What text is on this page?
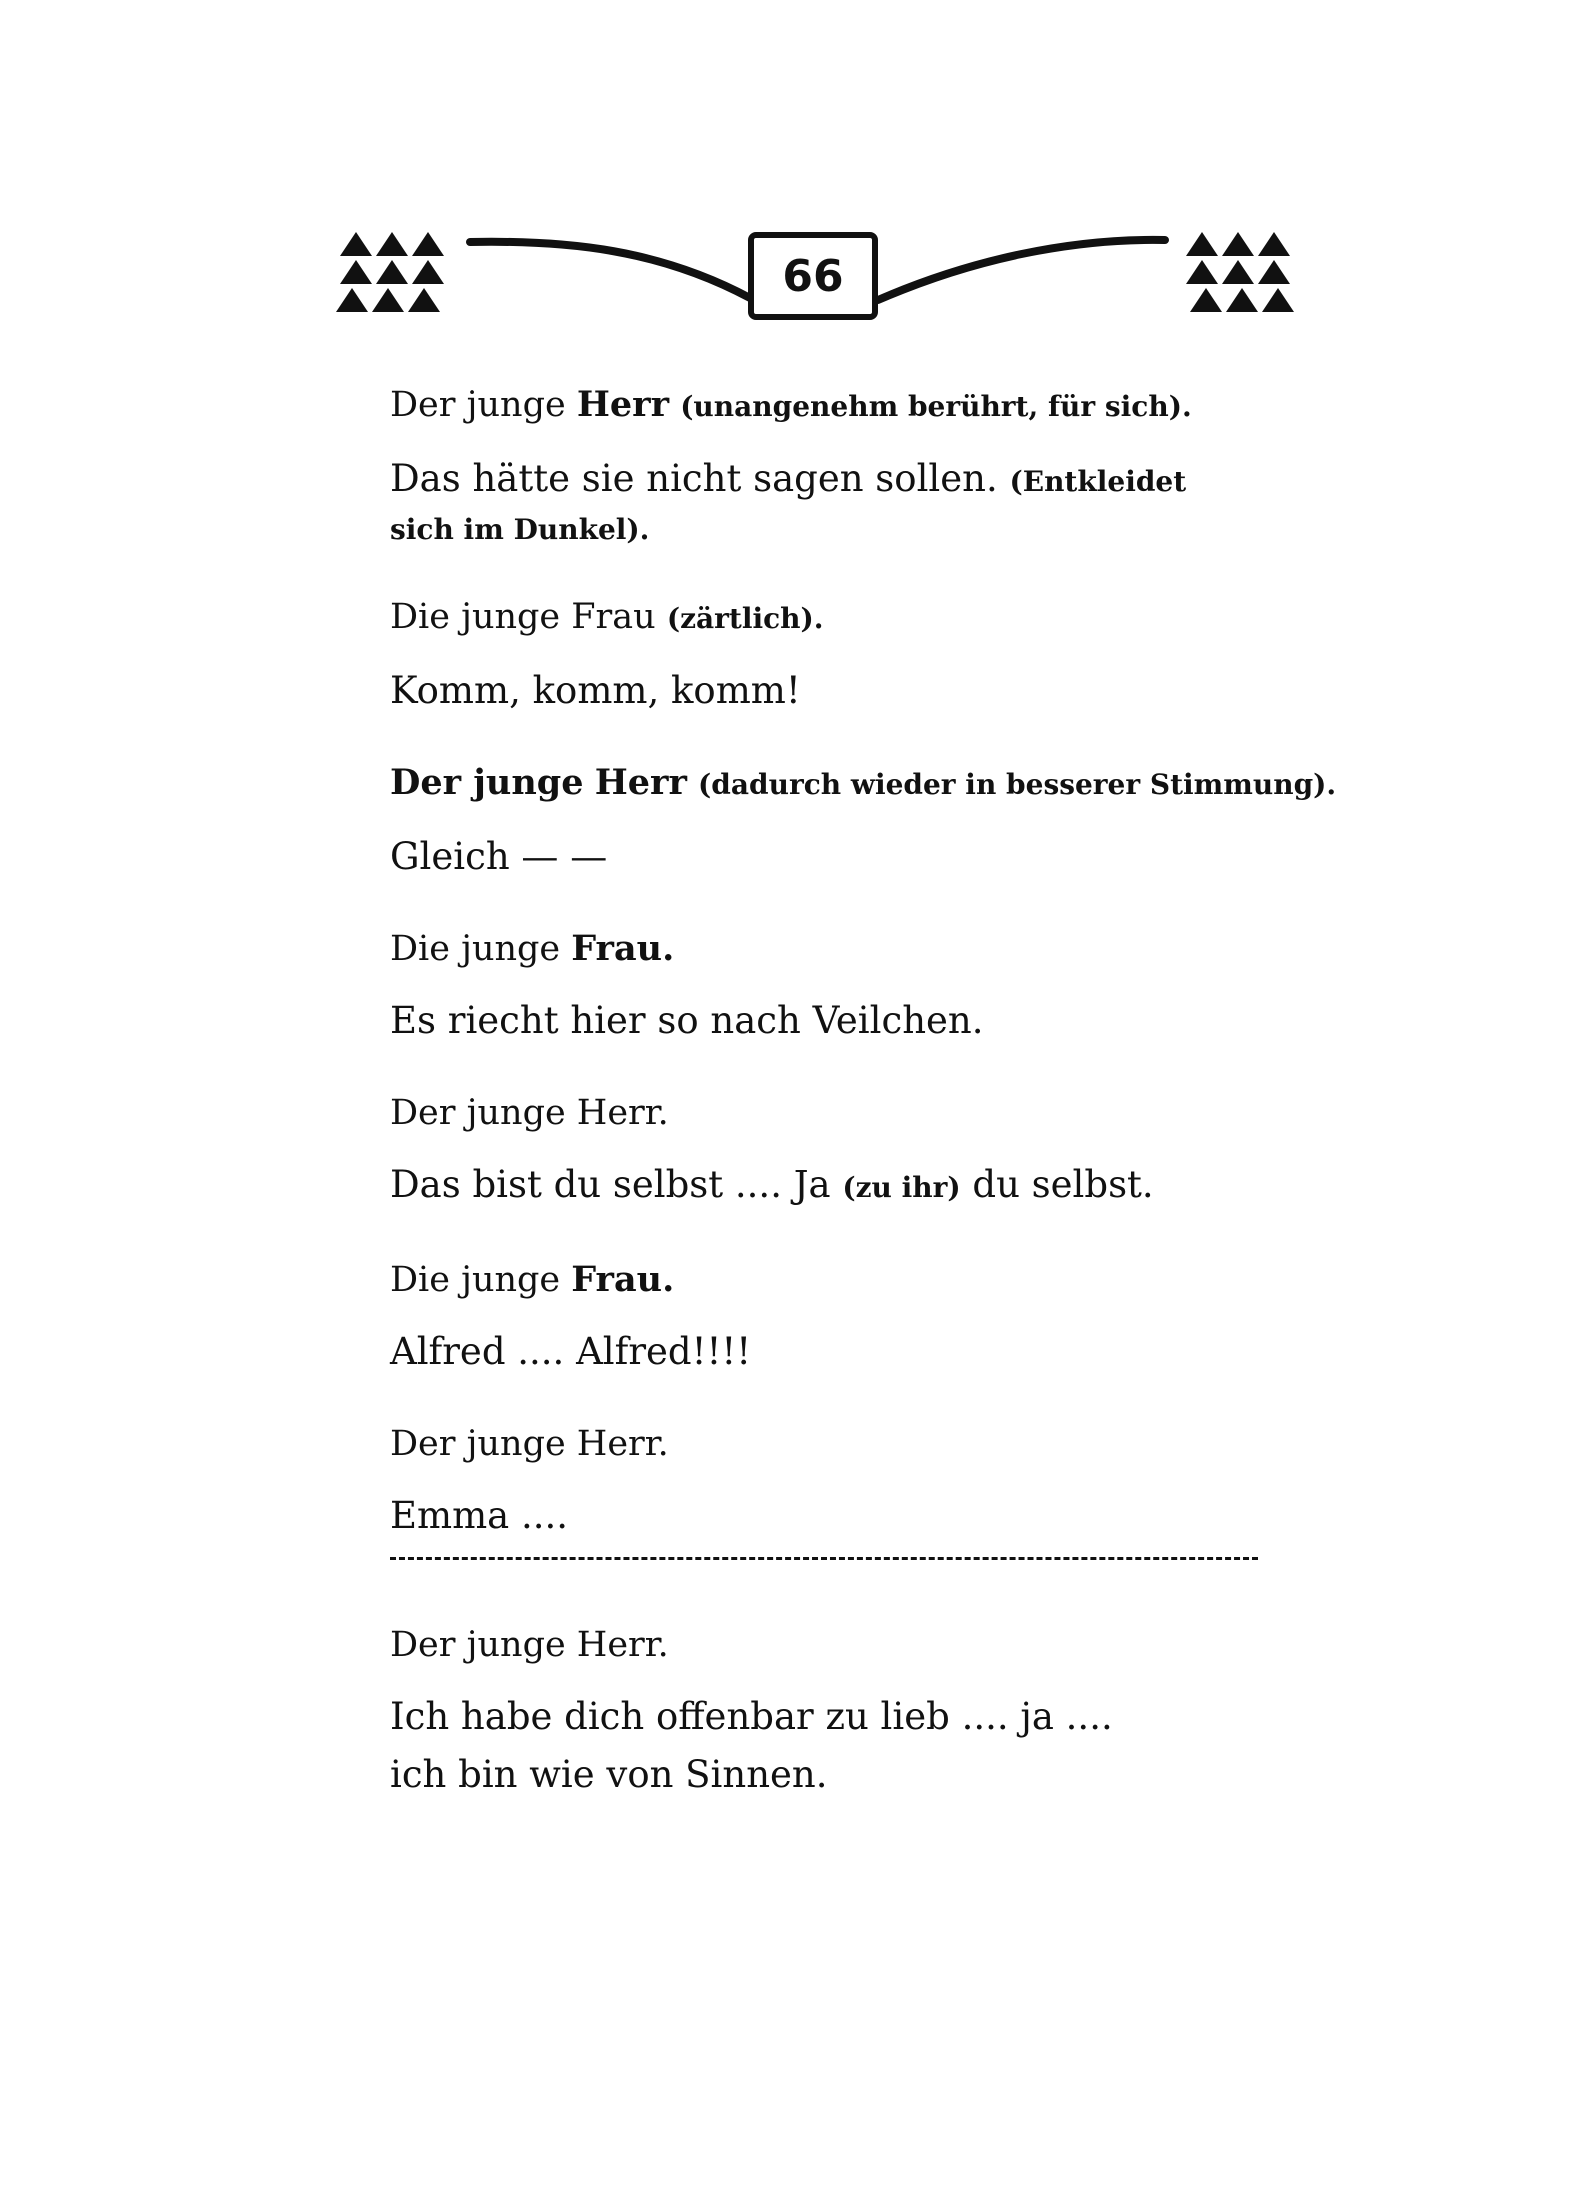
66
Der junge Herr (unangenehm berührt, für sich).
Das hätte sie nicht sagen sollen. (Entkleidet
sich im Dunkel).
Die junge Frau (zärtlich).
Komm, komm, komm!
Der junge Herr (dadurch wieder in besserer Stimmung).
Gleich — —
Die junge Frau.
Es riecht hier so nach Veilchen.
Der junge Herr.
Das bist du selbst .... Ja (zu ihr) du selbst.
Die junge Frau.
Alfred .... Alfred!!!!
Der junge Herr.
Emma ....
Der junge Herr.
Ich habe dich offenbar zu lieb .... ja ....
ich bin wie von Sinnen.
